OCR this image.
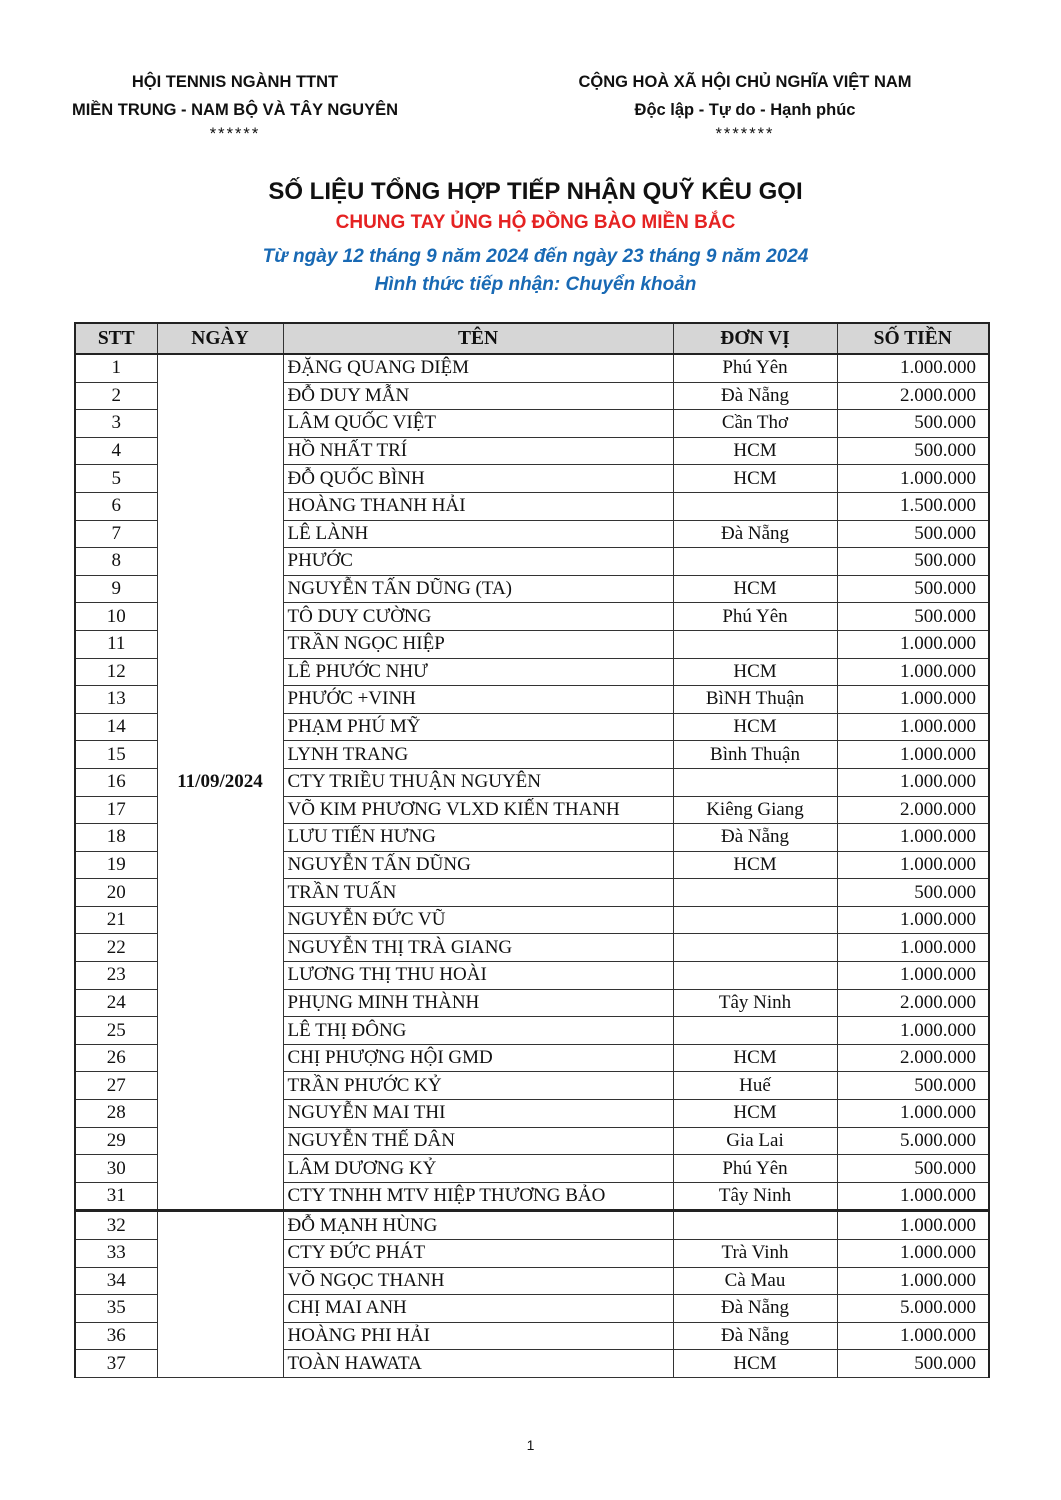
HỘI TENNIS NGÀNH TTNT
MIỀN TRUNG - NAM BỘ VÀ TÂY NGUYÊN
******
CỘNG HOÀ XÃ HỘI CHỦ NGHĨA VIỆT NAM
Độc lập - Tự do - Hạnh phúc
*******
SỐ LIỆU TỔNG HỢP TIẾP NHẬN QUỸ KÊU GỌI
CHUNG TAY ỦNG HỘ ĐỒNG BÀO MIỀN BẮC
Từ ngày 12 tháng 9 năm 2024 đến ngày 23 tháng 9 năm 2024
Hình thức tiếp nhận: Chuyển khoản
STT	NGÀY	TÊN	ĐƠN VỊ	SỐ TIỀN
1	11/09/2024	ĐẶNG QUANG DIỆM	Phú Yên	1.000.000
2		ĐỖ DUY MẪN	Đà Nẵng	2.000.000
3		LÂM QUỐC VIỆT	Cần Thơ	500.000
4		HỒ NHẤT TRÍ	HCM	500.000
5		ĐỖ QUỐC BÌNH	HCM	1.000.000
6		HOÀNG THANH HẢI		1.500.000
7		LÊ LÀNH	Đà Nẵng	500.000
8		PHƯỚC		500.000
9		NGUYỄN TẤN DŨNG (TA)	HCM	500.000
10		TÔ DUY CƯỜNG	Phú Yên	500.000
11		TRẦN NGỌC HIỆP		1.000.000
12		LÊ PHƯỚC NHƯ	HCM	1.000.000
13		PHƯỚC +VINH	BìNH Thuận	1.000.000
14		PHẠM PHÚ MỸ	HCM	1.000.000
15		LYNH TRANG	Bình Thuận	1.000.000
16		CTY TRIỀU THUẬN NGUYÊN		1.000.000
17		VÕ KIM PHƯƠNG VLXD KIẾN THANH	Kiêng Giang	2.000.000
18		LƯU TIẾN HƯNG	Đà Nẵng	1.000.000
19		NGUYỄN TẤN DŨNG	HCM	1.000.000
20		TRẦN TUẤN		500.000
21		NGUYỄN ĐỨC VŨ		1.000.000
22		NGUYỄN THỊ TRÀ GIANG		1.000.000
23		LƯƠNG THỊ THU HOÀI		1.000.000
24		PHỤNG MINH THÀNH	Tây Ninh	2.000.000
25		LÊ THỊ ĐÔNG		1.000.000
26		CHỊ PHƯỢNG HỘI GMD	HCM	2.000.000
27		TRẦN PHƯỚC KỶ	Huế	500.000
28		NGUYỄN MAI THI	HCM	1.000.000
29		NGUYỄN THẾ DÂN	Gia Lai	5.000.000
30		LÂM DƯƠNG KỶ	Phú Yên	500.000
31		CTY TNHH MTV HIỆP THƯƠNG BẢO	Tây Ninh	1.000.000
32		ĐỖ MẠNH HÙNG		1.000.000
33		CTY ĐỨC PHÁT	Trà Vinh	1.000.000
34		VÕ NGỌC THANH	Cà Mau	1.000.000
35		CHỊ MAI ANH	Đà Nẵng	5.000.000
36		HOÀNG PHI HẢI	Đà Nẵng	1.000.000
37		TOÀN HAWATA	HCM	500.000
1
